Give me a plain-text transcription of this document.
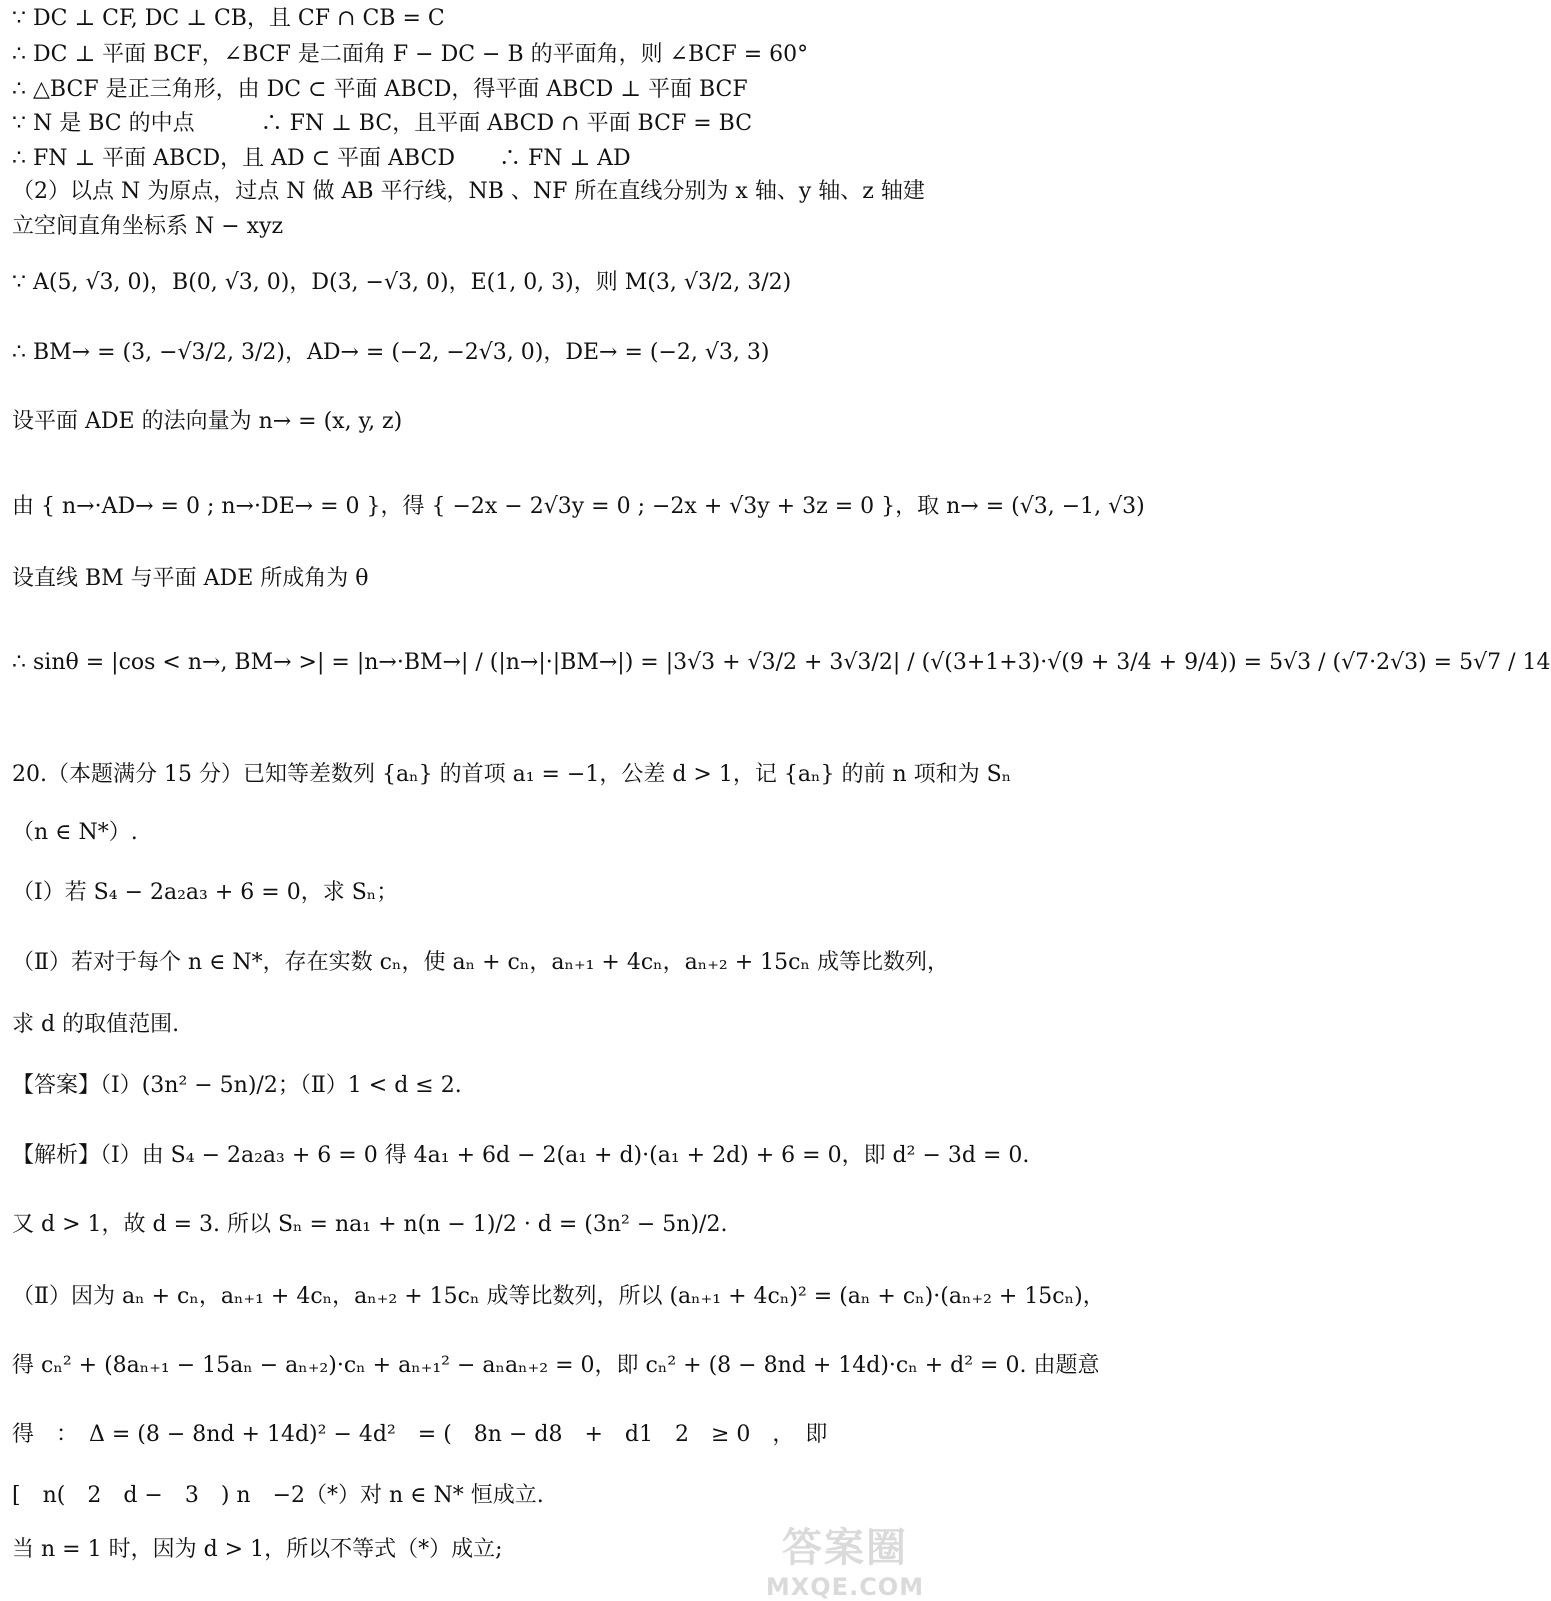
∵ DC ⊥ CF, DC ⊥ CB，且 CF ∩ CB = C
∴ DC ⊥ 平面 BCF，∠BCF 是二面角 F − DC − B 的平面角，则 ∠BCF = 60°
∴ △BCF 是正三角形，由 DC ⊂ 平面 ABCD，得平面 ABCD ⊥ 平面 BCF
∵ N 是 BC 的中点　　　∴ FN ⊥ BC，且平面 ABCD ∩ 平面 BCF = BC
∴ FN ⊥ 平面 ABCD，且 AD ⊂ 平面 ABCD　　∴ FN ⊥ AD
（2）以点 N 为原点，过点 N 做 AB 平行线，NB 、NF 所在直线分别为 x 轴、y 轴、z 轴建
立空间直角坐标系 N − xyz
∵ A(5, √3, 0)，B(0, √3, 0)，D(3, −√3, 0)，E(1, 0, 3)，则 M(3, √3/2, 3/2)
∴ BM→ = (3, −√3/2, 3/2)，AD→ = (−2, −2√3, 0)，DE→ = (−2, √3, 3)
设平面 ADE 的法向量为 n→ = (x, y, z)
由 { n→·AD→ = 0 ; n→·DE→ = 0 }，得 { −2x − 2√3y = 0 ; −2x + √3y + 3z = 0 }，取 n→ = (√3, −1, √3)
设直线 BM 与平面 ADE 所成角为 θ
∴ sinθ = |cos < n→, BM→ >| = |n→·BM→| / (|n→|·|BM→|) = |3√3 + √3/2 + 3√3/2| / (√(3+1+3)·√(9 + 3/4 + 9/4)) = 5√3 / (√7·2√3) = 5√7 / 14
20.（本题满分 15 分）已知等差数列 {aₙ} 的首项 a₁ = −1，公差 d > 1，记 {aₙ} 的前 n 项和为 Sₙ
（n ∈ N*）.
（Ⅰ）若 S₄ − 2a₂a₃ + 6 = 0，求 Sₙ；
（Ⅱ）若对于每个 n ∈ N*，存在实数 cₙ，使 aₙ + cₙ，aₙ₊₁ + 4cₙ，aₙ₊₂ + 15cₙ 成等比数列，
求 d 的取值范围.
【答案】（Ⅰ）(3n² − 5n)/2；（Ⅱ）1 < d ≤ 2.
【解析】（Ⅰ）由 S₄ − 2a₂a₃ + 6 = 0 得 4a₁ + 6d − 2(a₁ + d)·(a₁ + 2d) + 6 = 0，即 d² − 3d = 0.
又 d > 1，故 d = 3. 所以 Sₙ = na₁ + n(n − 1)/2 · d = (3n² − 5n)/2.
（Ⅱ）因为 aₙ + cₙ，aₙ₊₁ + 4cₙ，aₙ₊₂ + 15cₙ 成等比数列，所以 (aₙ₊₁ + 4cₙ)² = (aₙ + cₙ)·(aₙ₊₂ + 15cₙ)，
得 cₙ² + (8aₙ₊₁ − 15aₙ − aₙ₊₂)·cₙ + aₙ₊₁² − aₙaₙ₊₂ = 0，即 cₙ² + (8 − 8nd + 14d)·cₙ + d² = 0. 由题意
得　：　Δ = (8 − 8nd + 14d)² − 4d²　= (　8n − d8　+　d1　2　≥ 0　，　即
[　n(　2　d −　3　) n　−2（*）对 n ∈ N* 恒成立.
当 n = 1 时，因为 d > 1，所以不等式（*）成立;	答案圈
MXQE.COM
